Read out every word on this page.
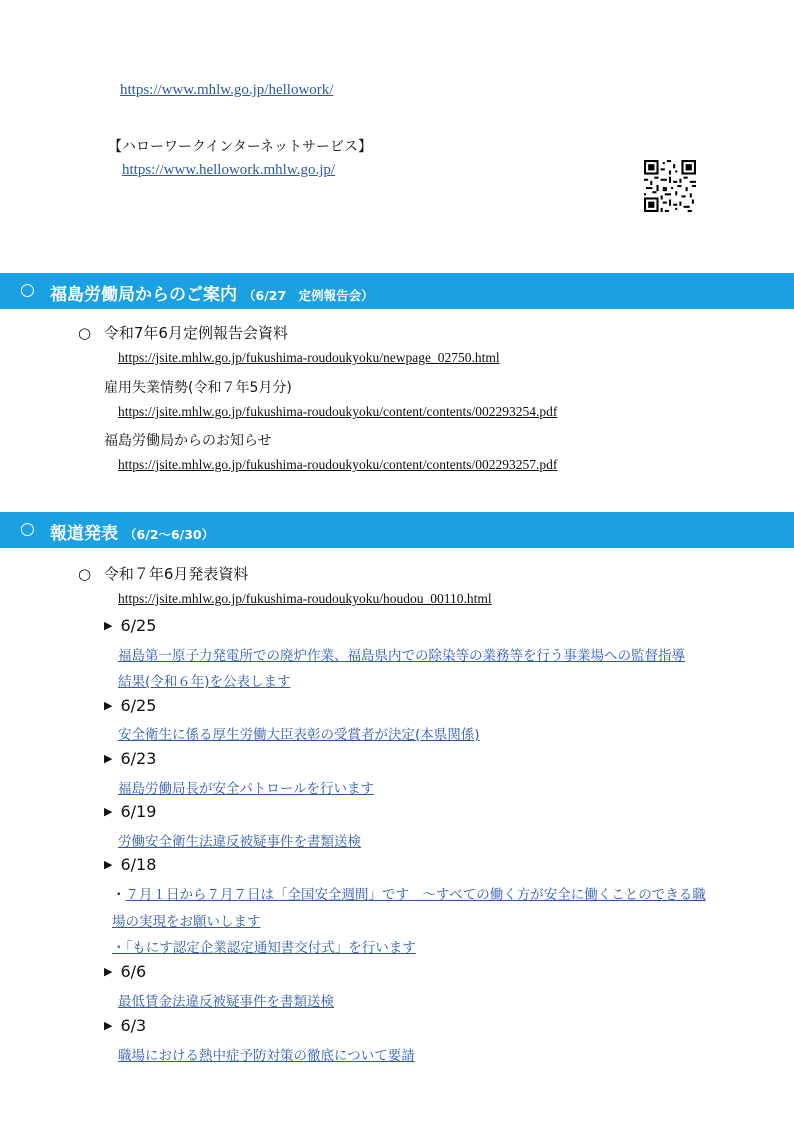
https://www.mhlw.go.jp/hellowork/
【ハローワークインターネットサービス】
https://www.hellowork.mhlw.go.jp/
○ 福島労働局からのご案内 （6/27　定例報告会）
○ 令和7年6月定例報告会資料
https://jsite.mhlw.go.jp/fukushima-roudoukyoku/newpage_02750.html
雇用失業情勢(令和７年5月分)
https://jsite.mhlw.go.jp/fukushima-roudoukyoku/content/contents/002293254.pdf
福島労働局からのお知らせ
https://jsite.mhlw.go.jp/fukushima-roudoukyoku/content/contents/002293257.pdf
○ 報道発表 （6/2～6/30）
○ 令和７年6月発表資料
https://jsite.mhlw.go.jp/fukushima-roudoukyoku/houdou_00110.html
▶ 6/25
福島第一原子力発電所での廃炉作業、福島県内での除染等の業務等を行う事業場への監督指導
結果(令和６年)を公表します
▶ 6/25
安全衛生に係る厚生労働大臣表彰の受賞者が決定(本県関係)
▶ 6/23
福島労働局長が安全パトロールを行います
▶ 6/19
労働安全衛生法違反被疑事件を書類送検
▶ 6/18
・７月１日から７月７日は「全国安全週間」です　～すべての働く方が安全に働くことのできる職
場の実現をお願いします
・「もにす認定企業認定通知書交付式」を行います
▶ 6/6
最低賃金法違反被疑事件を書類送検
▶ 6/3
職場における熱中症予防対策の徹底について要請
